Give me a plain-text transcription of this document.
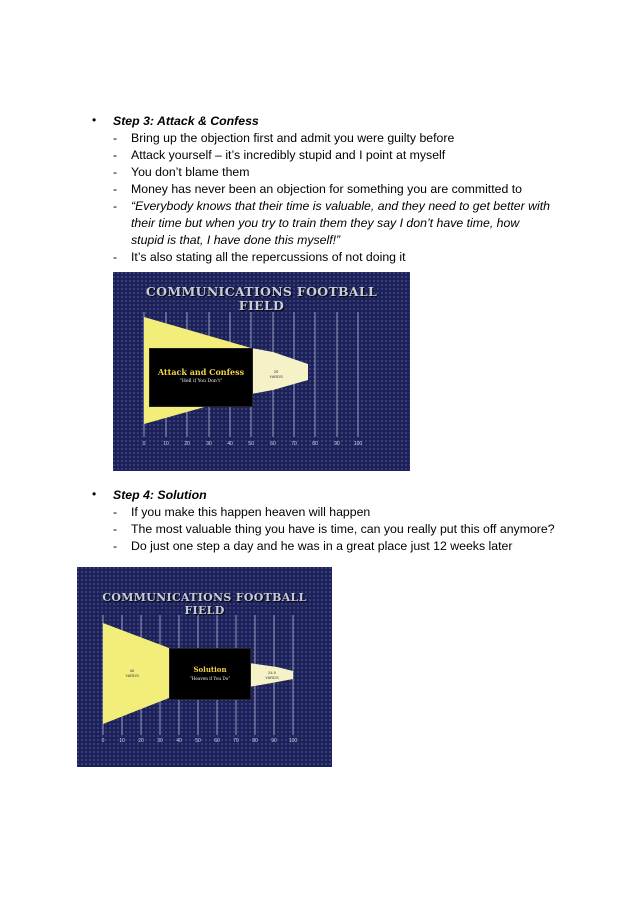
• Step 3: Attack & Confess
- Bring up the objection first and admit you were guilty before
- Attack yourself – it’s incredibly stupid and I point at myself
- You don’t blame them
- Money has never been an objection for something you are committed to
- “Everybody knows that their time is valuable, and they need to get better with
their time but when you try to train them they say I don’t have time, how
stupid is that, I have done this myself!”
- It’s also stating all the repercussions of not doing it
COMMUNICATIONS FOOTBALL
FIELD
Attack and Confess
“Hell if You Don’t”
25
YARDS
0	10	20	30	40	50	60	70	80	90	100
• Step 4: Solution
- If you make this happen heaven will happen
- The most valuable thing you have is time, can you really put this off anymore?
- Do just one step a day and he was in a great place just 12 weeks later
COMMUNICATIONS FOOTBALL
FIELD
Solution
“Heaven if You Do”
40
YARDS
24.9
YARDS
0	10	20	30	40	50	60	70	80	90	100
